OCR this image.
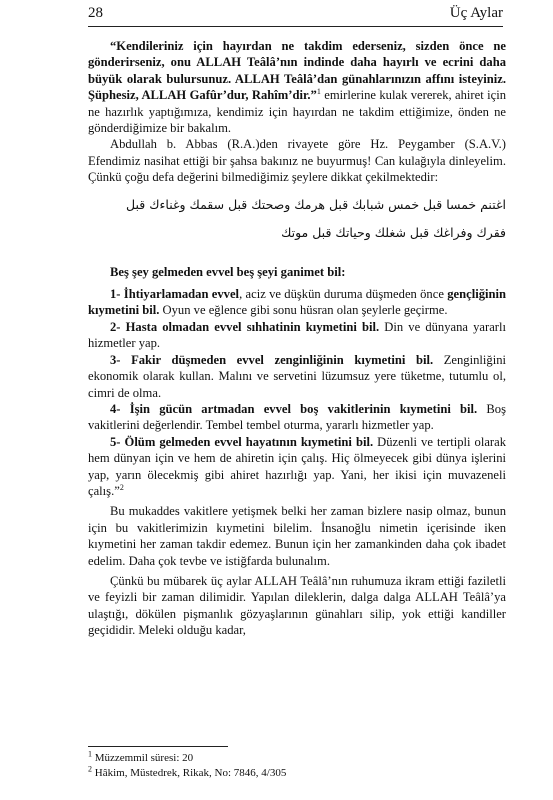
28	Üç Aylar

“Kendileriniz için hayırdan ne takdim ederseniz, sizden önce ne gönderirseniz, onu ALLAH Teâlâ’nın indinde daha hayırlı ve ecrini daha büyük olarak bulursunuz. ALLAH Teâlâ’dan günahlarınızın affını isteyiniz. Şüphesiz, ALLAH Gafûr’dur, Rahîm’dir.”$^1$ emirlerine kulak vererek, ahiret için ne hazırlık yaptığımıza, kendimiz için hayırdan ne takdim ettiğimize, önden ne gönderdiğimize bir bakalım.

Abdullah b. Abbas (R.A.)den rivayete göre Hz. Peygamber (S.A.V.) Efendimiz nasihat ettiği bir şahsa bakınız ne buyurmuş! Can kulağıyla dinleyelim. Çünkü çoğu defa değerini bilmediğimiz şeylere dikkat çekilmektedir:

اغتنم خمسا قبل خمس شبابك قبل هرمك وصحتك قبل سقمك وغناءك قبل

فقرك وفراغك قبل شغلك وحياتك قبل موتك

Beş şey gelmeden evvel beş şeyi ganimet bil:

1- İhtiyarlamadan evvel, aciz ve düşkün duruma düşmeden önce gençliğinin kıymetini bil. Oyun ve eğlence gibi sonu hüsran olan şeylerle geçirme.

2- Hasta olmadan evvel sıhhatinin kıymetini bil. Din ve dünyana yararlı hizmetler yap.

3- Fakir düşmeden evvel zenginliğinin kıymetini bil. Zenginliğini ekonomik olarak kullan. Malını ve servetini lüzumsuz yere tüketme, tutumlu ol, cimri de olma.

4- İşin gücün artmadan evvel boş vakitlerinin kıymetini bil. Boş vakitlerini değerlendir. Tembel tembel oturma, yararlı hizmetler yap.

5- Ölüm gelmeden evvel hayatının kıymetini bil. Düzenli ve tertipli olarak hem dünyan için ve hem de ahiretin için çalış. Hiç ölmeyecek gibi dünya işlerini yap, yarın ölecekmiş gibi ahiret hazırlığı yap. Yani, her ikisi için muvazeneli çalış.”$^2$

Bu mukaddes vakitlere yetişmek belki her zaman bizlere nasip olmaz, bunun için bu vakitlerimizin kıymetini bilelim. İnsanoğlu nimetin içerisinde iken kıymetini her zaman takdir edemez. Bunun için her zamankinden daha çok ibadet edelim. Daha çok tevbe ve istiğfarda bulunalım.

Çünkü bu mübarek üç aylar ALLAH Teâlâ’nın ruhumuza ikram ettiği faziletli ve feyizli bir zaman dilimidir. Yapılan dileklerin, dalga dalga ALLAH Teâlâ’ya ulaştığı, dökülen pişmanlık gözyaşlarının günahları silip, yok ettiği kandiller geçididir. Meleki olduğu kadar,

$^1$ Müzzemmil süresi: 20
$^2$ Hâkim, Müstedrek, Rikak, No: 7846, 4/305
